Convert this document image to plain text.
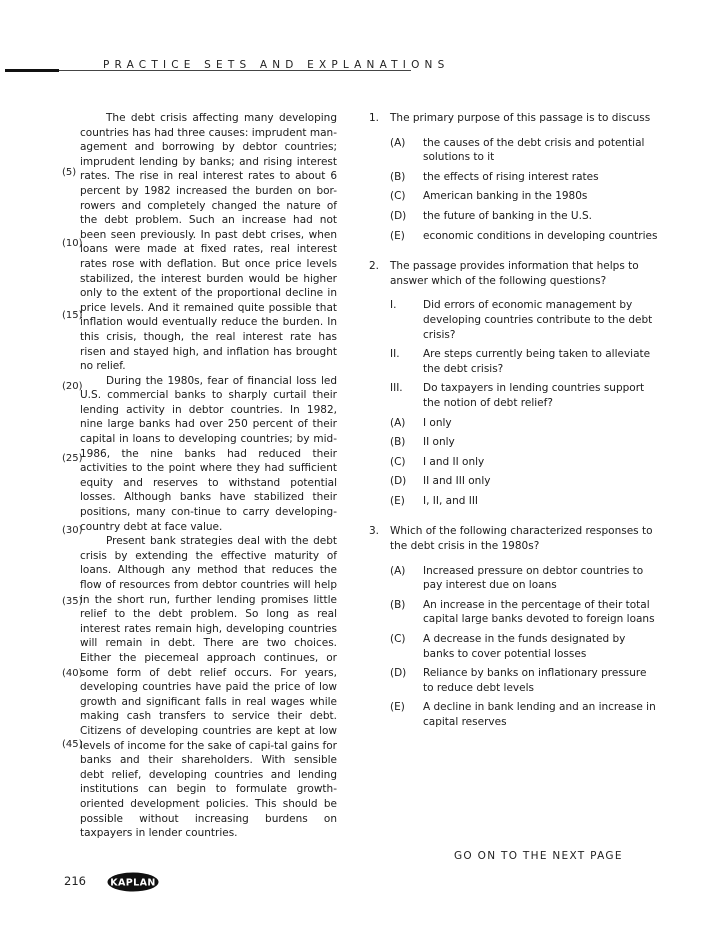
PRACTICE SETS AND EXPLANATIONS
(5)
(10)
(15)
(20)
(25)
(30)
(35)
(40)
(45)

The debt crisis affecting many developing countries has had three causes: imprudent man-agement and borrowing by debtor countries; imprudent lending by banks; and rising interest rates. The rise in real interest rates to about 6 percent by 1982 increased the burden on bor-rowers and completely changed the nature of the debt problem. Such an increase had not been seen previously. In past debt crises, when loans were made at fixed rates, real interest rates rose with deflation. But once price levels stabilized, the interest burden would be higher only to the extent of the proportional decline in price levels. And it remained quite possible that inflation would eventually reduce the burden. In this crisis, though, the real interest rate has risen and stayed high, and inflation has brought no relief.

During the 1980s, fear of financial loss led U.S. commercial banks to sharply curtail their lending activity in debtor countries. In 1982, nine large banks had over 250 percent of their capital in loans to developing countries; by mid-1986, the nine banks had reduced their activities to the point where they had sufficient equity and reserves to withstand potential losses. Although banks have stabilized their positions, many con-tinue to carry developing-country debt at face value.

Present bank strategies deal with the debt crisis by extending the effective maturity of loans. Although any method that reduces the flow of resources from debtor countries will help in the short run, further lending promises little relief to the debt problem. So long as real interest rates remain high, developing countries will remain in debt. There are two choices. Either the piecemeal approach continues, or some form of debt relief occurs. For years, developing countries have paid the price of low growth and significant falls in real wages while making cash transfers to service their debt. Citizens of developing countries are kept at low levels of income for the sake of capi-tal gains for banks and their shareholders. With sensible debt relief, developing countries and lending institutions can begin to formulate growth-oriented development policies. This should be possible without increasing burdens on taxpayers in lender countries.

1. The primary purpose of this passage is to discuss

(A) the causes of the debt crisis and potential solutions to it
(B) the effects of rising interest rates
(C) American banking in the 1980s
(D) the future of banking in the U.S.
(E) economic conditions in developing countries
2. The passage provides information that helps to answer which of the following questions?

I.	Did errors of economic management by developing countries contribute to the debt crisis?
II. Are steps currently being taken to alleviate the debt crisis?
III. Do taxpayers in lending countries support the notion of debt relief?
(A) I only
(B) II only
(C) I and II only
(D) II and III only
(E) I, II, and III
3. Which of the following characterized responses to the debt crisis in the 1980s?

(A) Increased pressure on debtor countries to pay interest due on loans
(B) An increase in the percentage of their total capital large banks devoted to foreign loans
(C) A decrease in the funds designated by banks to cover potential losses
(D) Reliance by banks on inflationary pressure to reduce debt levels
(E) A decline in bank lending and an increase in capital reserves
GO ON TO THE NEXT PAGE
216	KAPLAN
